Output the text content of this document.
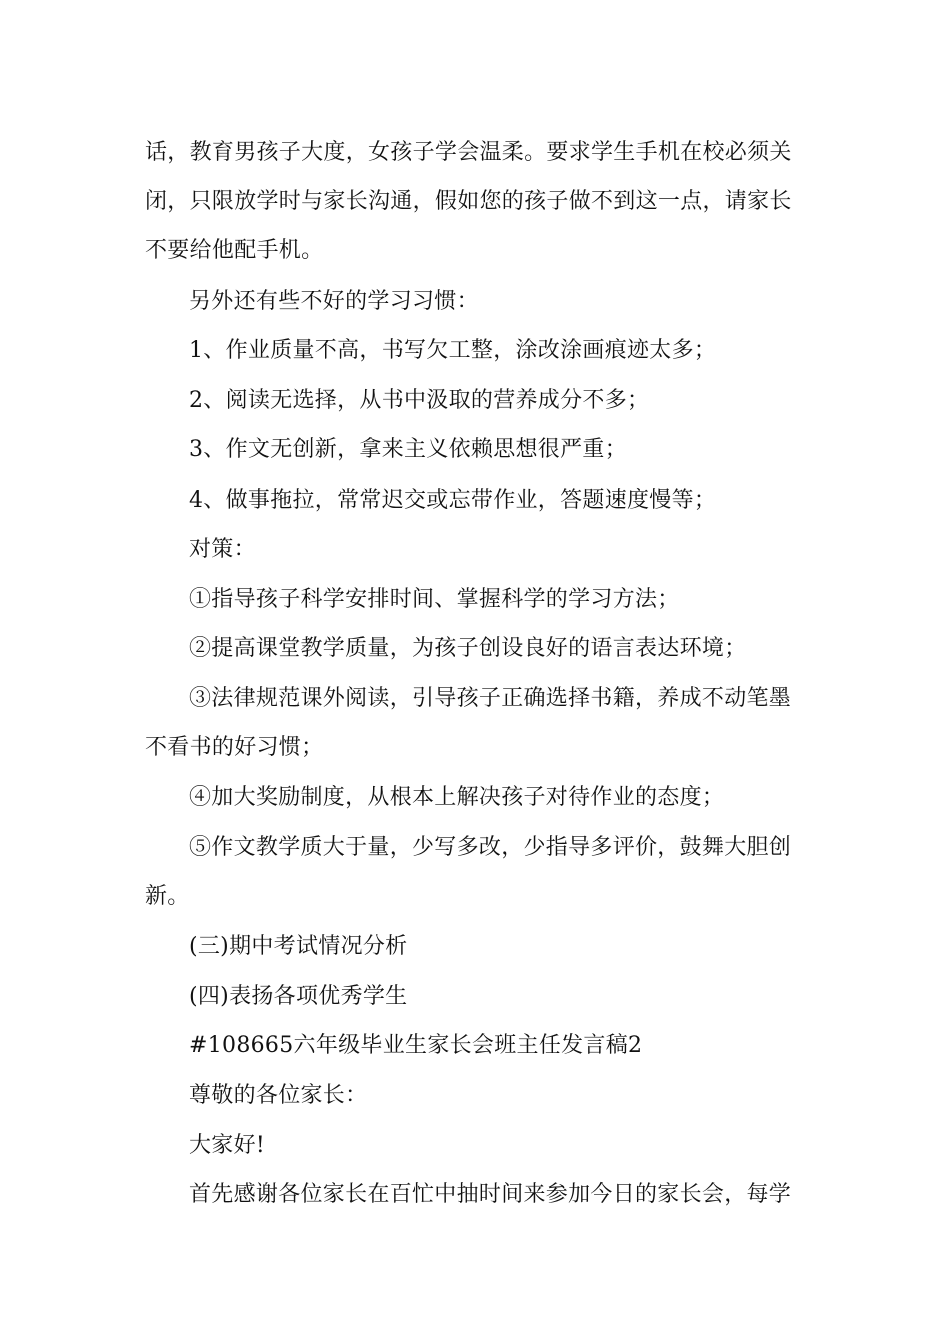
话，教育男孩子大度，女孩子学会温柔。要求学生手机在校必须关
闭，只限放学时与家长沟通，假如您的孩子做不到这一点，请家长
不要给他配手机。
另外还有些不好的学习习惯：
1、作业质量不高，书写欠工整，涂改涂画痕迹太多；
2、阅读无选择，从书中汲取的营养成分不多；
3、作文无创新，拿来主义依赖思想很严重；
4、做事拖拉，常常迟交或忘带作业，答题速度慢等；
对策：
①指导孩子科学安排时间、掌握科学的学习方法；
②提高课堂教学质量，为孩子创设良好的语言表达环境；
③法律规范课外阅读，引导孩子正确选择书籍，养成不动笔墨
不看书的好习惯；
④加大奖励制度，从根本上解决孩子对待作业的态度；
⑤作文教学质大于量，少写多改，少指导多评价，鼓舞大胆创
新。
(三)期中考试情况分析
(四)表扬各项优秀学生
#108665六年级毕业生家长会班主任发言稿2
尊敬的各位家长：
大家好!
首先感谢各位家长在百忙中抽时间来参加今日的家长会，每学
